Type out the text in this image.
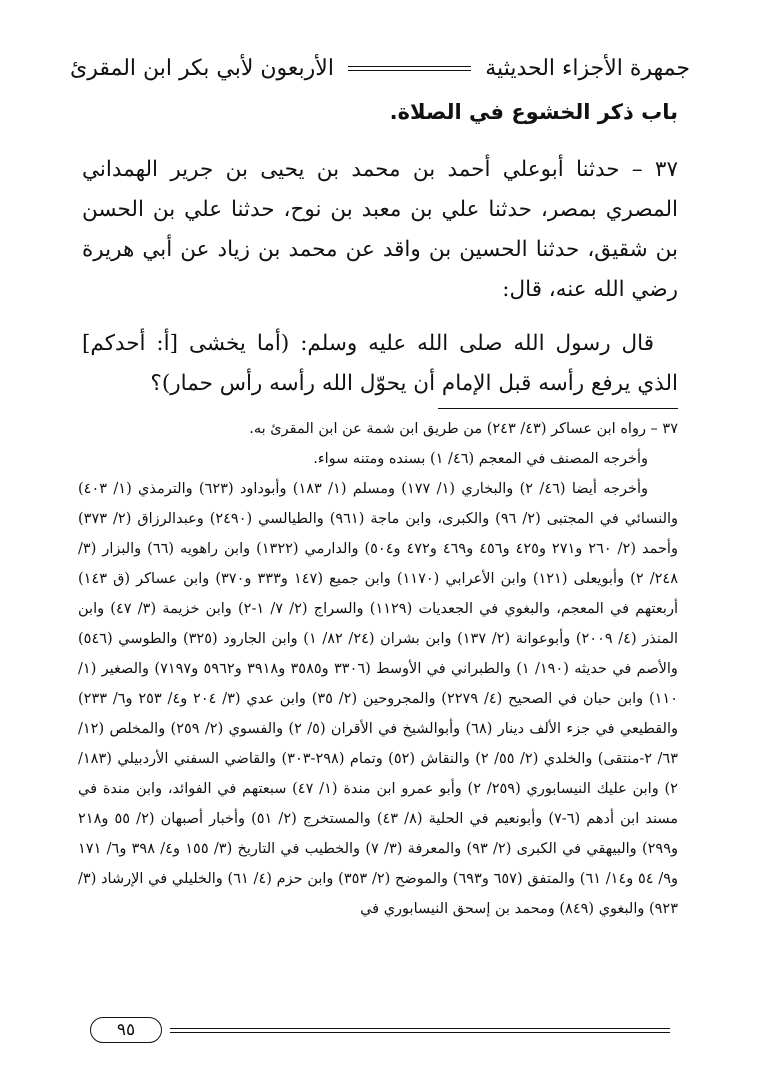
الأربعون لأبي بكر ابن المقرئ	جمهرة الأجزاء الحديثية
باب ذكر الخشوع في الصلاة.

٣٧ – حدثنا أبوعلي أحمد بن محمد بن يحيى بن جرير الهمداني المصري بمصر، حدثنا علي بن معبد بن نوح، حدثنا علي بن الحسن بن شقيق، حدثنا الحسين بن واقد عن محمد بن زياد عن أبي هريرة رضي الله عنه، قال:

قال رسول الله صلى الله عليه وسلم: (أما يخشى [أ: أحدكم] الذي يرفع رأسه قبل الإمام أن يحوّل الله رأسه رأس حمار)؟

٣٧ – رواه ابن عساكر (٤٣/ ٢٤٣) من طريق ابن شمة عن ابن المقرئ به.

وأخرجه المصنف في المعجم (٤٦/ ١) بسنده ومتنه سواء.

وأخرجه أيضا (٤٦/ ٢) والبخاري (١/ ١٧٧) ومسلم (١/ ١٨٣) وأبوداود (٦٢٣) والترمذي (١/ ٤٠٣) والنسائي في المجتبى (٢/ ٩٦) والكبرى، وابن ماجة (٩٦١) والطيالسي (٢٤٩٠) وعبدالرزاق (٢/ ٣٧٣) وأحمد (٢/ ٢٦٠ و٢٧١ و٤٢٥ و٤٥٦ و٤٦٩ و٤٧٢ و٥٠٤) والدارمي (١٣٢٢) وابن راهويه (٦٦) والبزار (٣/ ٢٤٨/ ٢) وأبويعلى (١٢١) وابن الأعرابي (١١٧٠) وابن جميع (١٤٧ و٣٣٣ و٣٧٠) وابن عساكر (ق ١٤٣) أربعتهم في المعجم، والبغوي في الجعديات (١١٢٩) والسراج (٢/ ٧/ ١-٢) وابن خزيمة (٣/ ٤٧) وابن المنذر (٤/ ٢٠٠٩) وأبوعوانة (٢/ ١٣٧) وابن بشران (٢٤/ ٨٢/ ١) وابن الجارود (٣٢٥) والطوسي (٥٤٦) والأصم في حديثه (١٩٠/ ١) والطبراني في الأوسط (٣٣٠٦ و٣٥٨٥ و٣٩١٨ و٥٩٦٢ و٧١٩٧) والصغير (١/ ١١٠) وابن حبان في الصحيح (٤/ ٢٢٧٩) والمجروحين (٢/ ٣٥) وابن عدي (٣/ ٢٠٤ و٤/ ٢٥٣ و٦/ ٢٣٣) والقطيعي في جزء الألف دينار (٦٨) وأبوالشيخ في الأقران (٥/ ٢) والفسوي (٢/ ٢٥٩) والمخلص (١٢/ ٦٣/ ٢-منتقى) والخلدي (٢/ ٥٥/ ٢) والنقاش (٥٢) وتمام (٢٩٨-٣٠٣) والقاضي السفني الأردبيلي (١٨٣/ ٢) وابن عليك النيسابوري (٢٥٩/ ٢) وأبو عمرو ابن مندة (١/ ٤٧) سبعتهم في الفوائد، وابن مندة في مسند ابن أدهم (٦-٧) وأبونعيم في الحلية (٨/ ٤٣) والمستخرج (٢/ ٥١) وأخبار أصبهان (٢/ ٥٥ و٢١٨ و٢٩٩) والبيهقي في الكبرى (٢/ ٩٣) والمعرفة (٣/ ٧) والخطيب في التاريخ (٣/ ١٥٥ و٤/ ٣٩٨ و٦/ ١٧١ و٩/ ٥٤ و١٤/ ٦١) والمتفق (٦٥٧ و٦٩٣) والموضح (٢/ ٣٥٣) وابن حزم (٤/ ٦١) والخليلي في الإرشاد (٣/ ٩٢٣) والبغوي (٨٤٩) ومحمد بن إسحق النيسابوري في

٩٥
